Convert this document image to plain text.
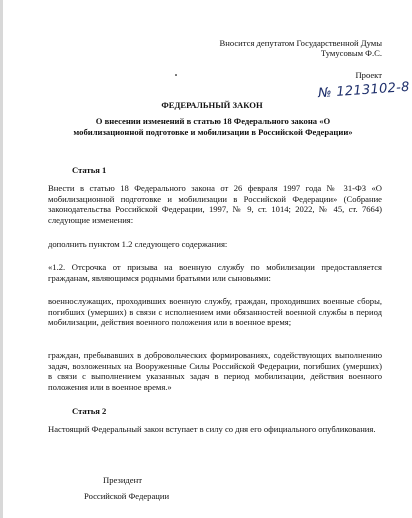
Вносится депутатом Государственной Думы

Тумусовым Ф.С.

Проект

№ 1213102-8

ФЕДЕРАЛЬНЫЙ ЗАКОН

О внесении изменений в статью 18 Федерального закона «О мобилизационной подготовке и мобилизации в Российской Федерации»

Статья 1

Внести в статью 18 Федерального закона от 26 февраля 1997 года № 31-ФЗ «О мобилизационной подготовке и мобилизации в Российской Федерации» (Собрание законодательства Российской Федерации, 1997, № 9, ст. 1014; 2022, № 45, ст. 7664) следующие изменения:

дополнить пунктом 1.2 следующего содержания:

«1.2. Отсрочка от призыва на военную службу по мобилизации предоставляется гражданам, являющимся родными братьями или сыновьями:

военнослужащих, проходивших военную службу, граждан, проходивших военные сборы, погибших (умерших) в связи с исполнением ими обязанностей военной службы в период мобилизации, действия военного положения или в военное время;

граждан, пребывавших в добровольческих формированиях, содействующих выполнению задач, возложенных на Вооруженные Силы Российской Федерации, погибших (умерших) в связи с выполнением указанных задач в период мобилизации, действия военного положения или в военное время.»

Статья 2

Настоящий Федеральный закон вступает в силу со дня его официального опубликования.

Президент

Российской Федерации
